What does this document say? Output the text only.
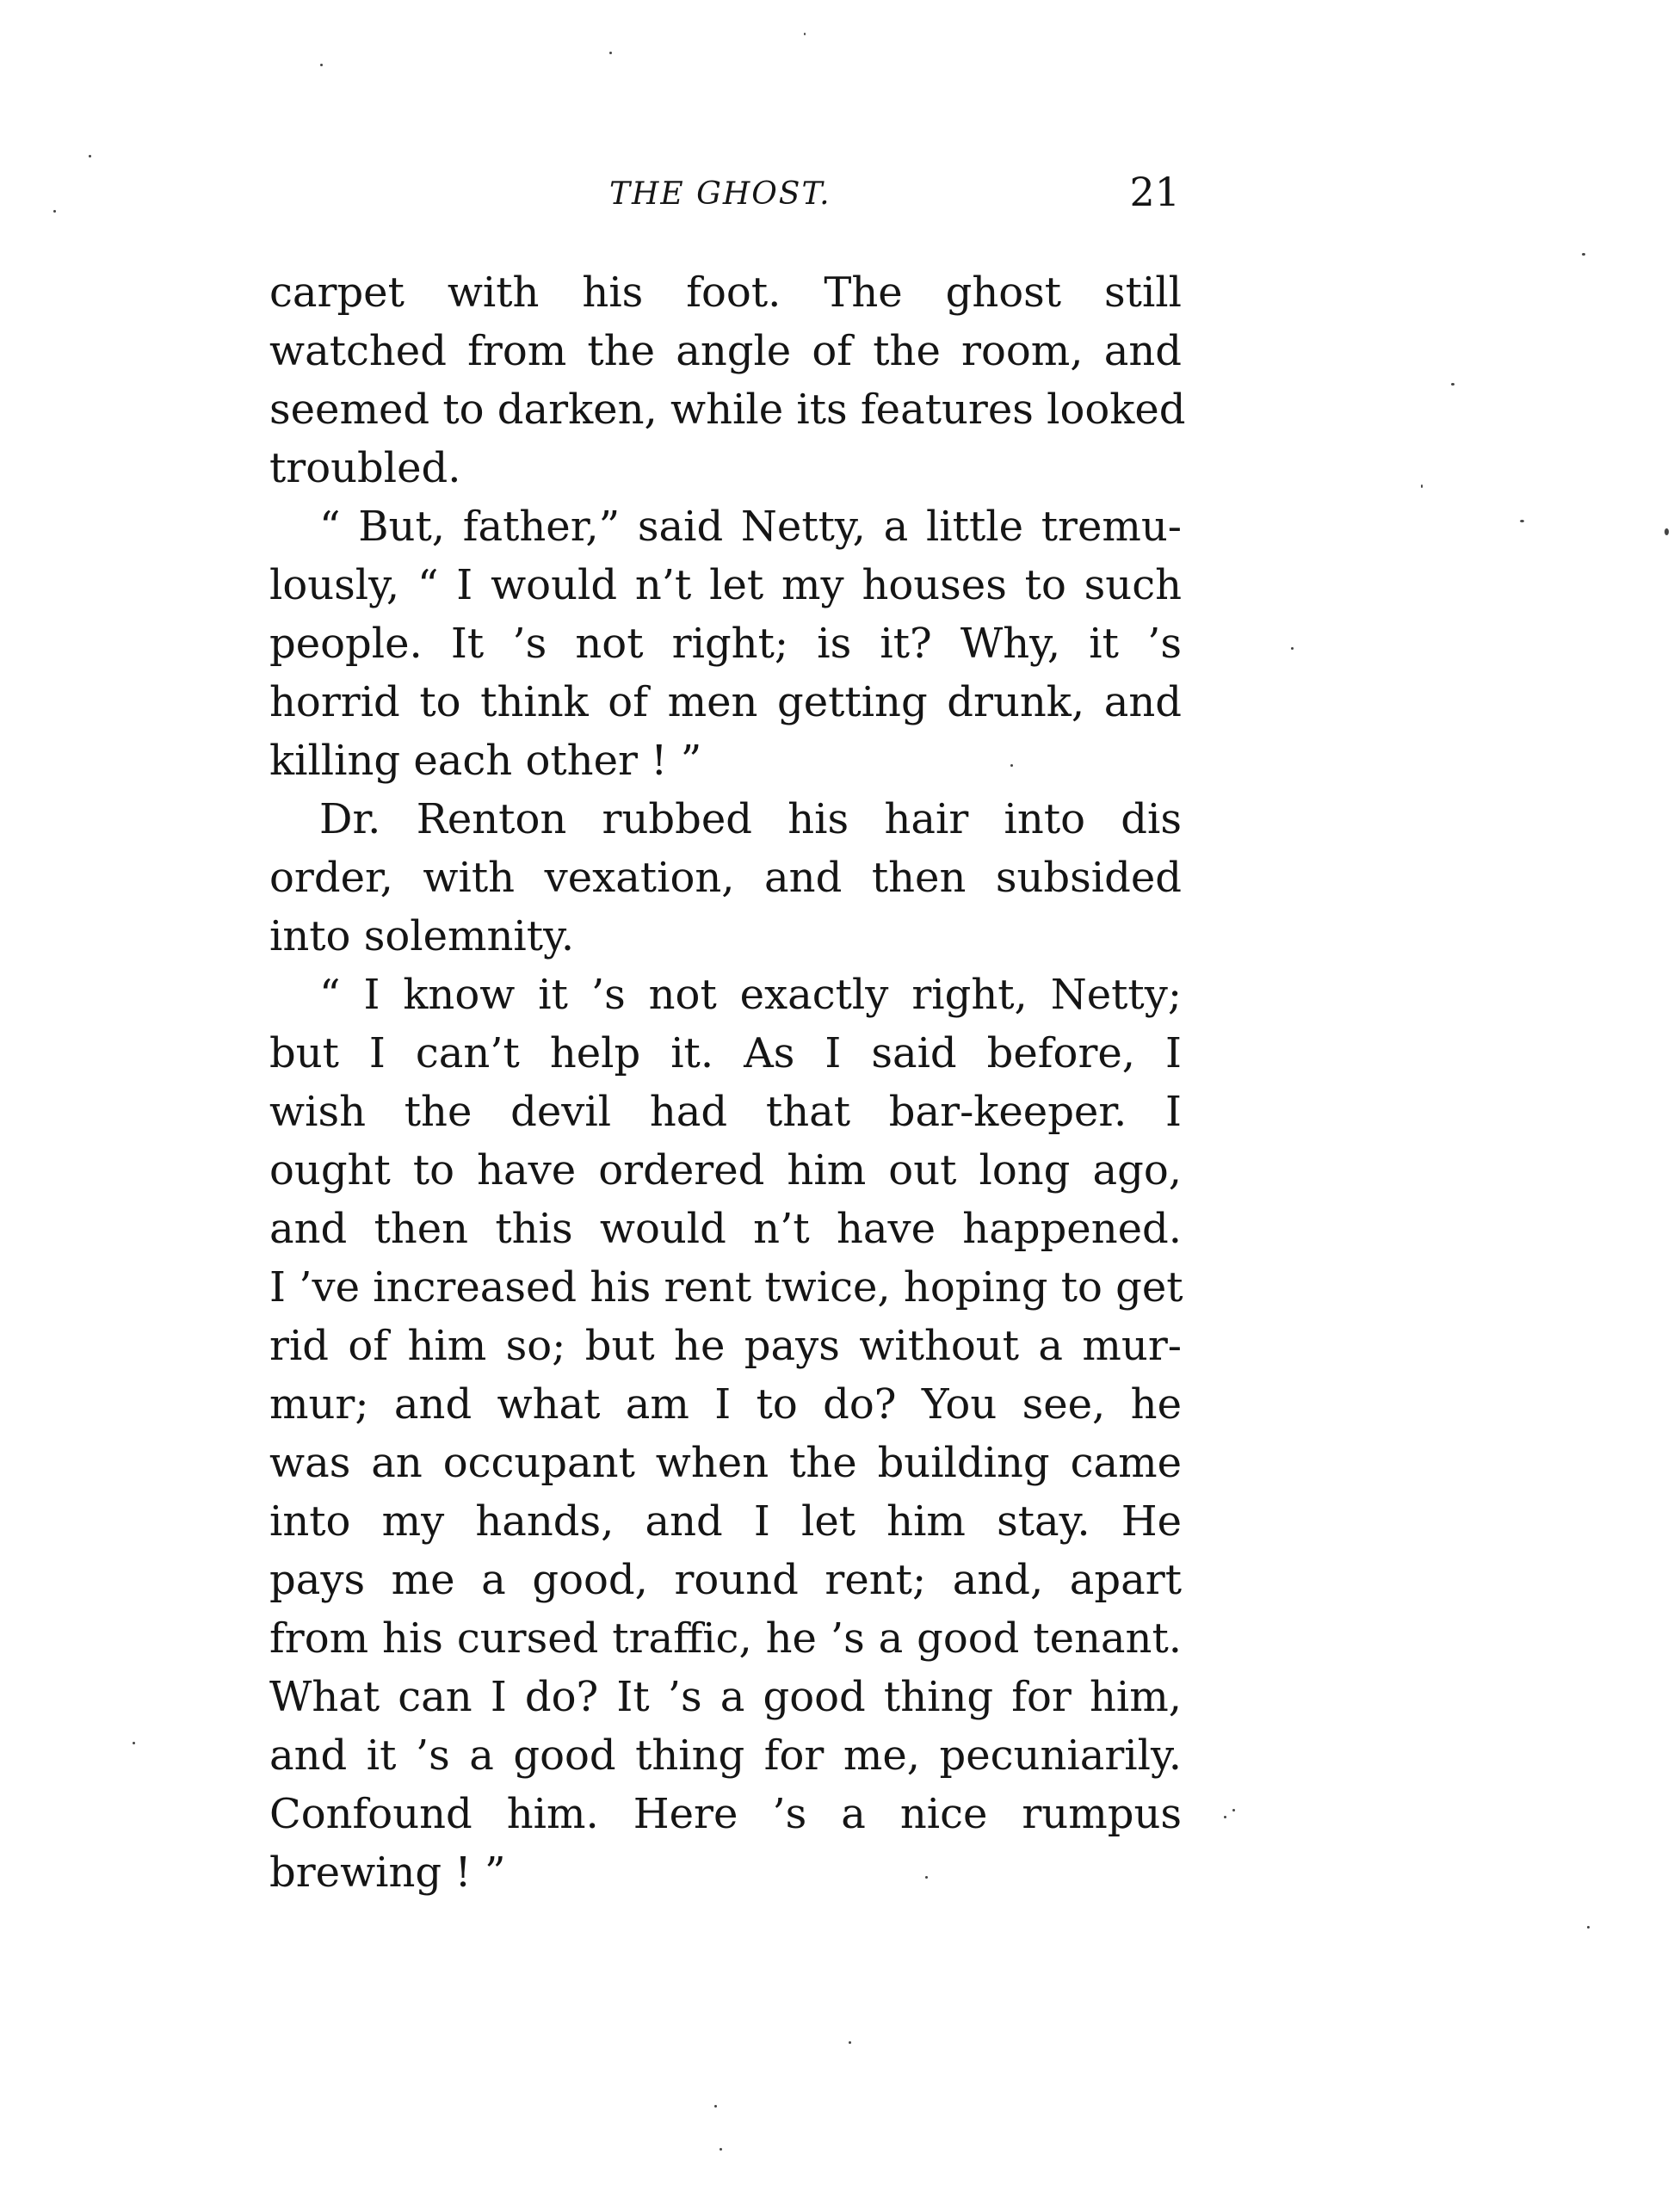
THE GHOST.	21
carpet with his foot. The ghost still
watched from the angle of the room, and
seemed to darken, while its features looked
troubled.
“ But, father,” said Netty, a little tremu-
lously, “ I would n’t let my houses to such
people. It ’s not right; is it? Why, it ’s
horrid to think of men getting drunk, and
killing each other ! ”
Dr. Renton rubbed his hair into dis
order, with vexation, and then subsided
into solemnity.
“ I know it ’s not exactly right, Netty;
but I can’t help it. As I said before, I
wish the devil had that bar-keeper. I
ought to have ordered him out long ago,
and then this would n’t have happened.
I ’ve increased his rent twice, hoping to get
rid of him so; but he pays without a mur-
mur; and what am I to do? You see, he
was an occupant when the building came
into my hands, and I let him stay. He
pays me a good, round rent; and, apart
from his cursed traffic, he ’s a good tenant.
What can I do? It ’s a good thing for him,
and it ’s a good thing for me, pecuniarily.
Confound him. Here ’s a nice rumpus
brewing ! ”
